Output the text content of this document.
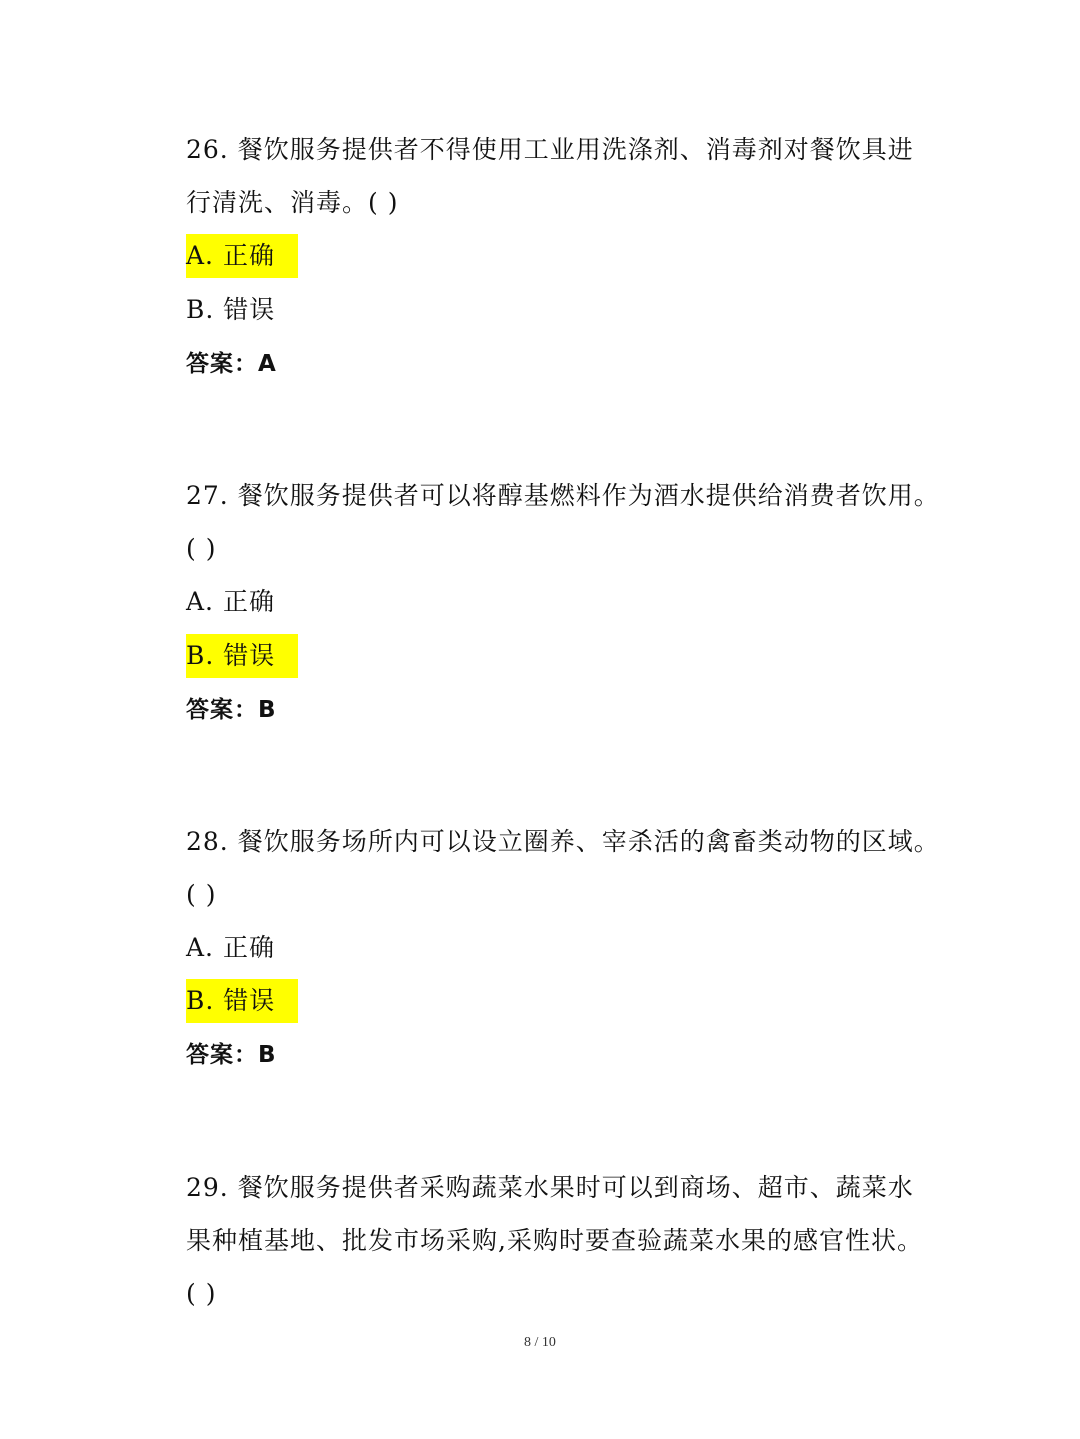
26. 餐饮服务提供者不得使用工业用洗涤剂、消毒剂对餐饮具进
行清洗、消毒。( )
A. 正确
B. 错误
答案：A
27. 餐饮服务提供者可以将醇基燃料作为酒水提供给消费者饮用。
( )
A. 正确
B. 错误
答案：B
28. 餐饮服务场所内可以设立圈养、宰杀活的禽畜类动物的区域。
( )
A. 正确
B. 错误
答案：B
29. 餐饮服务提供者采购蔬菜水果时可以到商场、超市、蔬菜水
果种植基地、批发市场采购,采购时要查验蔬菜水果的感官性状。
( )
8 / 10
